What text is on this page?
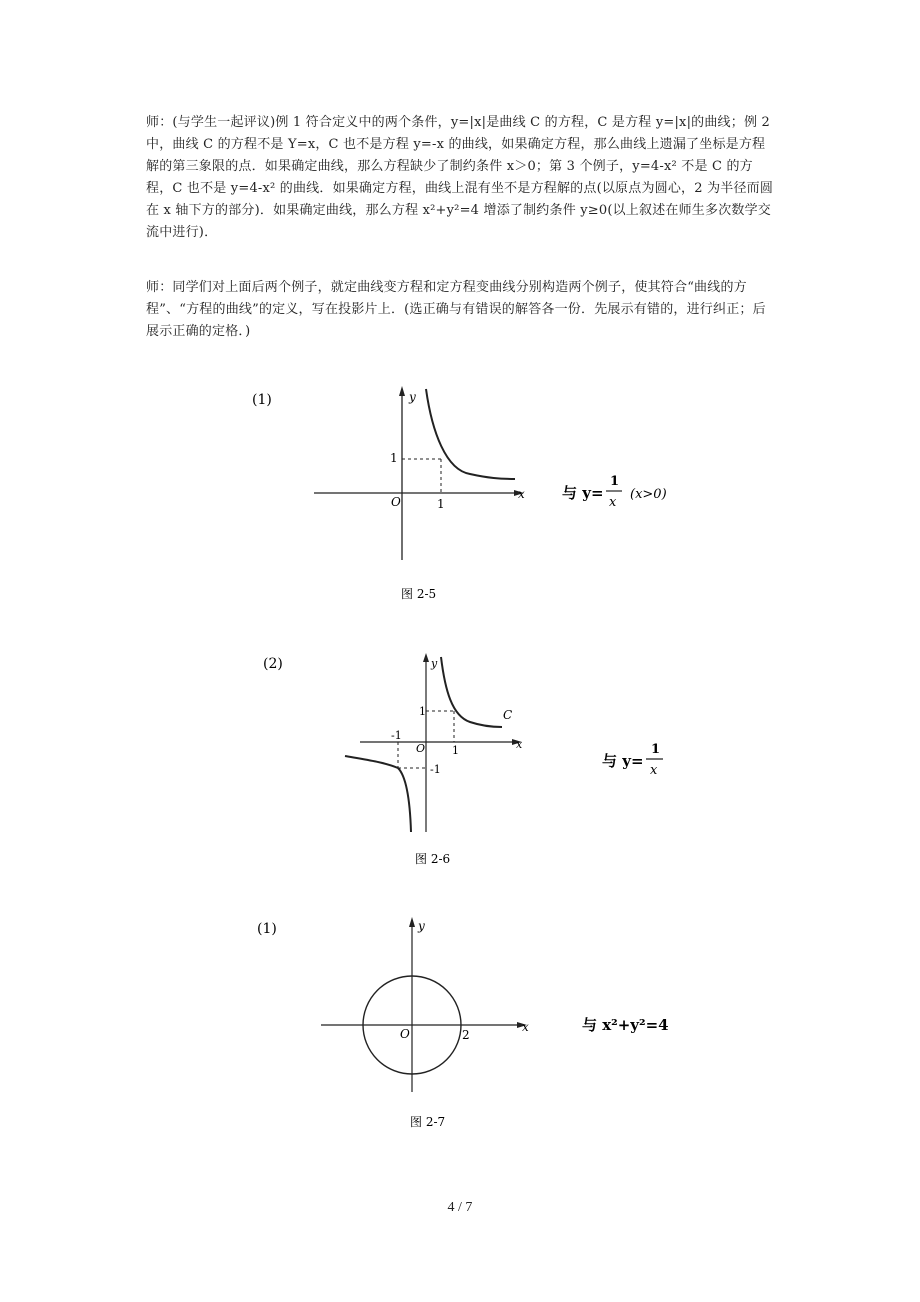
师：(与学生一起评议)例 1 符合定义中的两个条件，y=|x|是曲线 C 的方程，C 是方程 y=|x|的曲线；例 2 中，曲线 C 的方程不是 Y=x，C 也不是方程 y=-x 的曲线，如果确定方程，那么曲线上遗漏了坐标是方程解的第三象限的点．如果确定曲线，那么方程缺少了制约条件 x＞0；第 3 个例子，y=4-x² 不是 C 的方程，C 也不是 y=4-x² 的曲线．如果确定方程，曲线上混有坐不是方程解的点(以原点为圆心，2 为半径而圆在 x 轴下方的部分)．如果确定曲线，那么方程 x²+y²=4 增添了制约条件 y≥0(以上叙述在师生多次数学交流中进行)．

师：同学们对上面后两个例子，就定曲线变方程和定方程变曲线分别构造两个例子，使其符合“曲线的方程”、“方程的曲线”的定义，写在投影片上．(选正确与有错误的解答各一份．先展示有错的，进行纠正；后展示正确的定格．)

(1)	y
x
O	1
1
与 y=
1
x
(x>0)
图 2-5
(2)	y
x
O 1
-1
1
-1
C
与 y=
1
x
图 2-6
(1)	y
x
O	2
与 x²+y²=4
图 2-7
4 / 7
